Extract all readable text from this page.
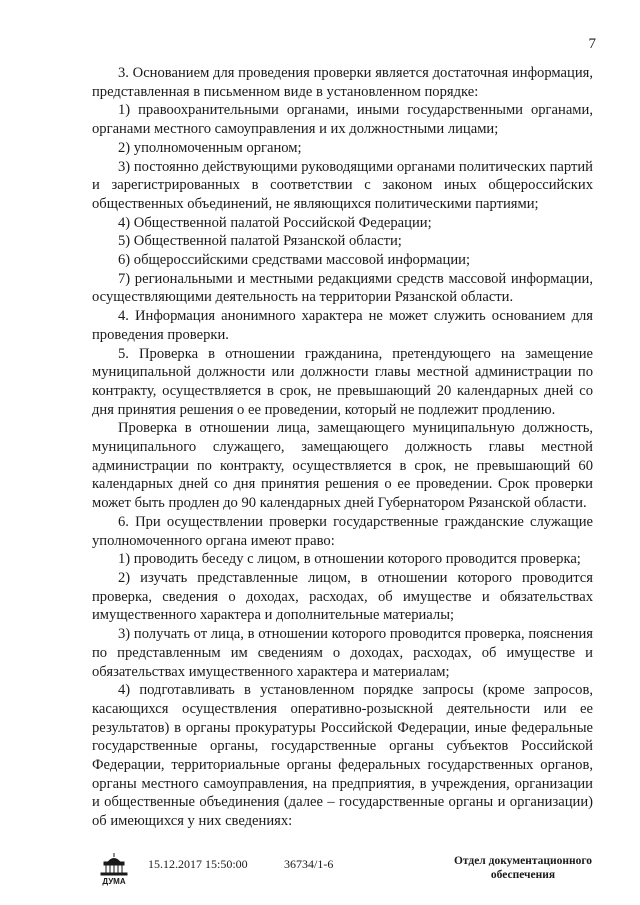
7

3. Основанием для проведения проверки является достаточная информация, представленная в письменном виде в установленном порядке:

1) правоохранительными органами, иными государственными органами, органами местного самоуправления и их должностными лицами;

2) уполномоченным органом;

3) постоянно действующими руководящими органами политических партий и зарегистрированных в соответствии с законом иных общероссийских общественных объединений, не являющихся политическими партиями;

4) Общественной палатой Российской Федерации;

5) Общественной палатой Рязанской области;

6) общероссийскими средствами массовой информации;

7) региональными и местными редакциями средств массовой информации, осуществляющими деятельность на территории Рязанской области.

4. Информация анонимного характера не может служить основанием для проведения проверки.

5. Проверка в отношении гражданина, претендующего на замещение муниципальной должности или должности главы местной администрации по контракту, осуществляется в срок, не превышающий 20 календарных дней со дня принятия решения о ее проведении, который не подлежит продлению.

Проверка в отношении лица, замещающего муниципальную должность, муниципального служащего, замещающего должность главы местной администрации по контракту, осуществляется в срок, не превышающий 60 календарных дней со дня принятия решения о ее проведении. Срок проверки может быть продлен до 90 календарных дней Губернатором Рязанской области.

6. При осуществлении проверки государственные гражданские служащие уполномоченного органа имеют право:

1) проводить беседу с лицом, в отношении которого проводится проверка;

2) изучать представленные лицом, в отношении которого проводится проверка, сведения о доходах, расходах, об имуществе и обязательствах имущественного характера и дополнительные материалы;

3) получать от лица, в отношении которого проводится проверка, пояснения по представленным им сведениям о доходах, расходах, об имуществе и обязательствах имущественного характера и материалам;

4) подготавливать в установленном порядке запросы (кроме запросов, касающихся осуществления оперативно-розыскной деятельности или ее результатов) в органы прокуратуры Российской Федерации, иные федеральные государственные органы, государственные органы субъектов Российской Федерации, территориальные органы федеральных государственных органов, органы местного самоуправления, на предприятия, в учреждения, организации и общественные объединения (далее – государственные органы и организации) об имеющихся у них сведениях:

ДУМА
15.12.2017 15:50:00	36734/1-6	Отдел документационного обеспечения
